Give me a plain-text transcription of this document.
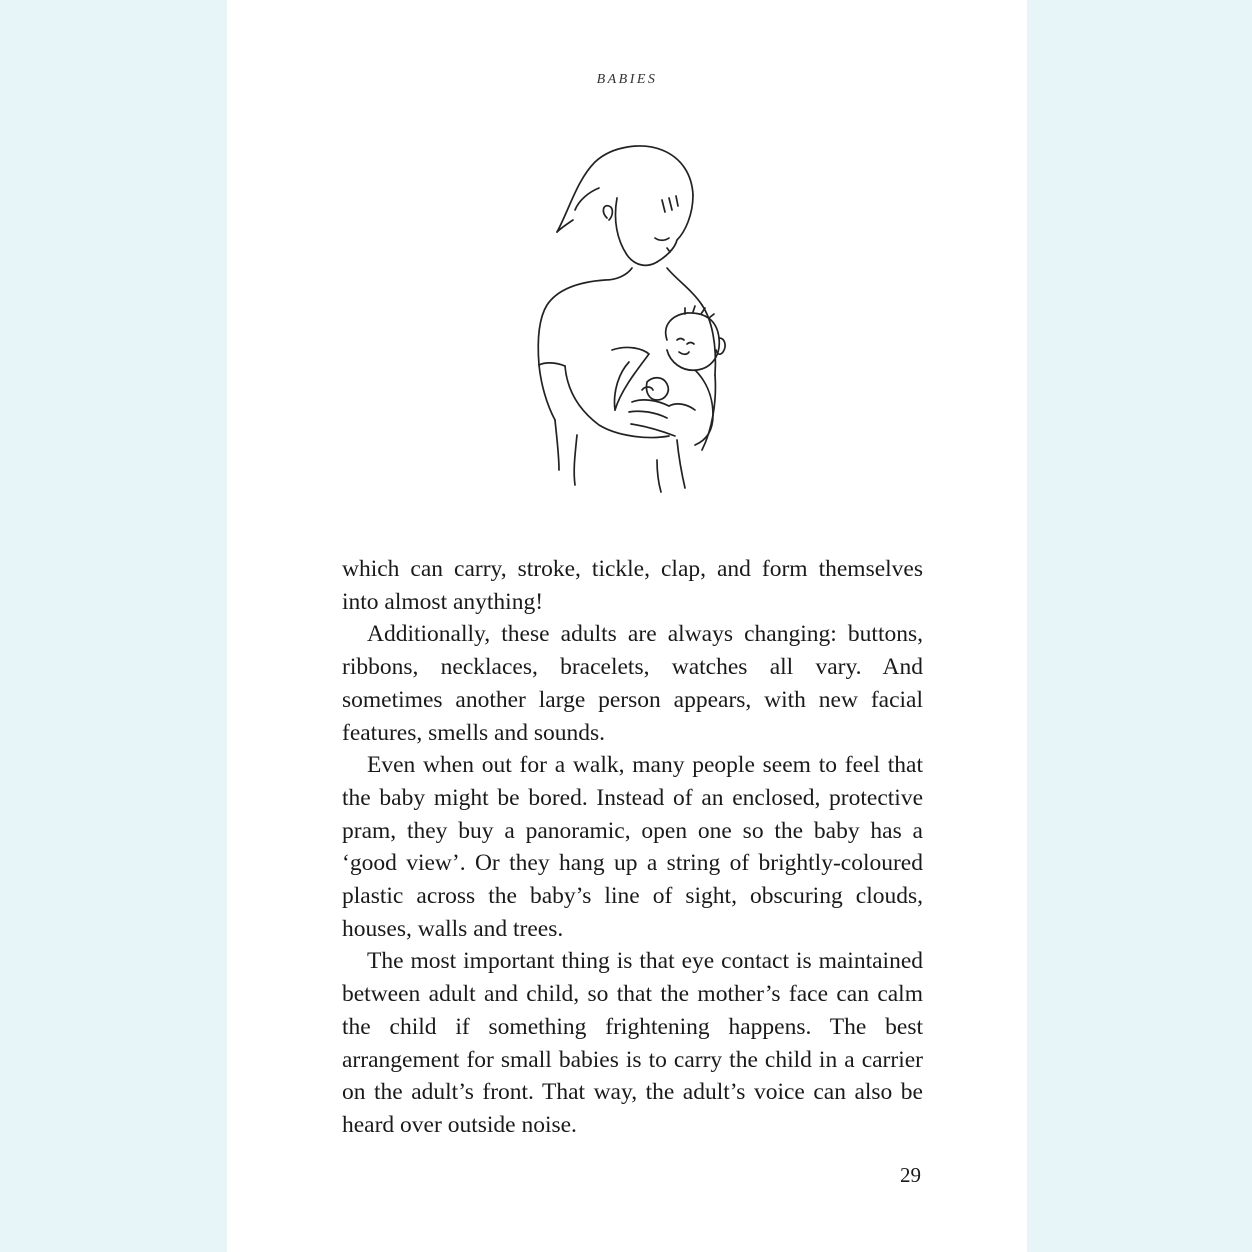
BABIES

which can carry, stroke, tickle, clap, and form themselves into almost anything!

Additionally, these adults are always changing: buttons, ribbons, necklaces, bracelets, watches all vary. And sometimes another large person appears, with new facial features, smells and sounds.

Even when out for a walk, many people seem to feel that the baby might be bored. Instead of an enclosed, protective pram, they buy a panoramic, open one so the baby has a ‘good view’. Or they hang up a string of brightly-coloured plastic across the baby’s line of sight, obscuring clouds, houses, walls and trees.

The most important thing is that eye contact is maintained between adult and child, so that the mother’s face can calm the child if something frightening happens. The best arrangement for small babies is to carry the child in a carrier on the adult’s front. That way, the adult’s voice can also be heard over outside noise.

29
